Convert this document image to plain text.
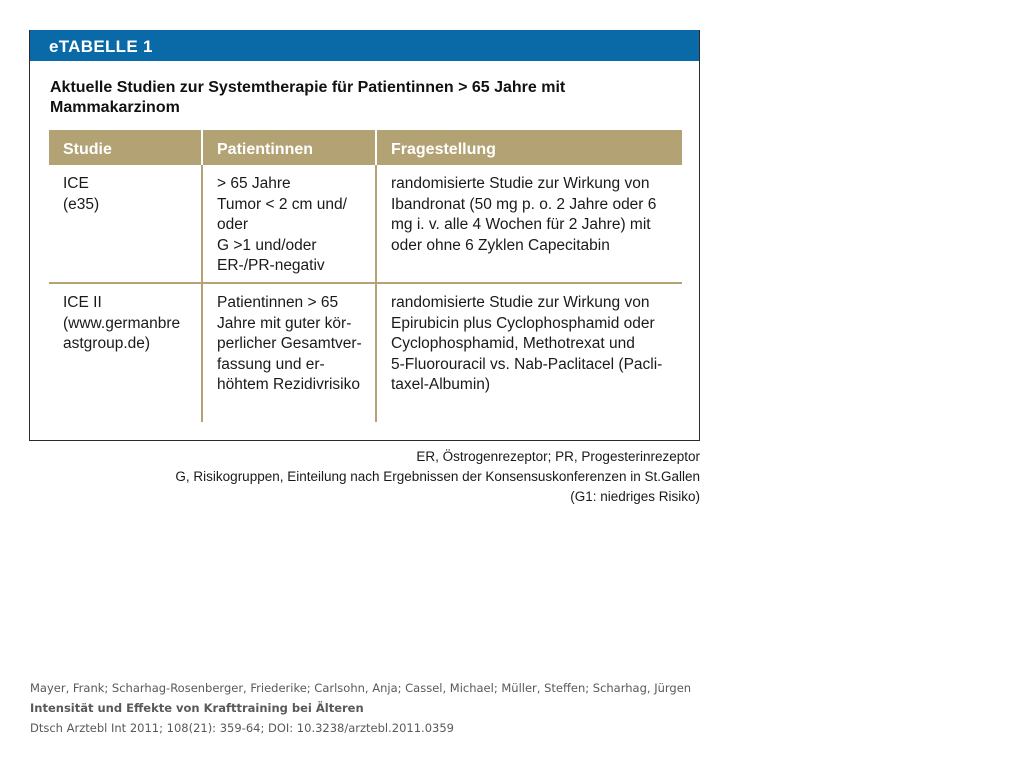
eTABELLE 1
Aktuelle Studien zur Systemtherapie für Patientinnen > 65 Jahre mit
Mammakarzinom
Studie	Patientinnen	Fragestellung
ICE
(e35)
> 65 Jahre
Tumor < 2 cm und/
oder
G >1 und/oder
ER-/PR-negativ
randomisierte Studie zur Wirkung von
Ibandronat (50 mg p. o. 2 Jahre oder 6
mg i. v. alle 4 Wochen für 2 Jahre) mit
oder ohne 6 Zyklen Capecitabin
ICE II
(www.germanbre
astgroup.de)
Patientinnen > 65
Jahre mit guter kör-
perlicher Gesamtver-
fassung und er-
höhtem Rezidivrisiko
randomisierte Studie zur Wirkung von
Epirubicin plus Cyclophosphamid oder
Cyclophosphamid, Methotrexat und
5-Fluorouracil vs. Nab-Paclitacel (Pacli-
taxel-Albumin)
ER, Östrogenrezeptor; PR, Progesterinrezeptor
G, Risikogruppen, Einteilung nach Ergebnissen der Konsensuskonferenzen in St.Gallen
(G1: niedriges Risiko)
Mayer, Frank; Scharhag-Rosenberger, Friederike; Carlsohn, Anja; Cassel, Michael; Müller, Steffen; Scharhag, Jürgen
Intensität und Effekte von Krafttraining bei Älteren
Dtsch Arztebl Int 2011; 108(21): 359-64; DOI: 10.3238/arztebl.2011.0359
